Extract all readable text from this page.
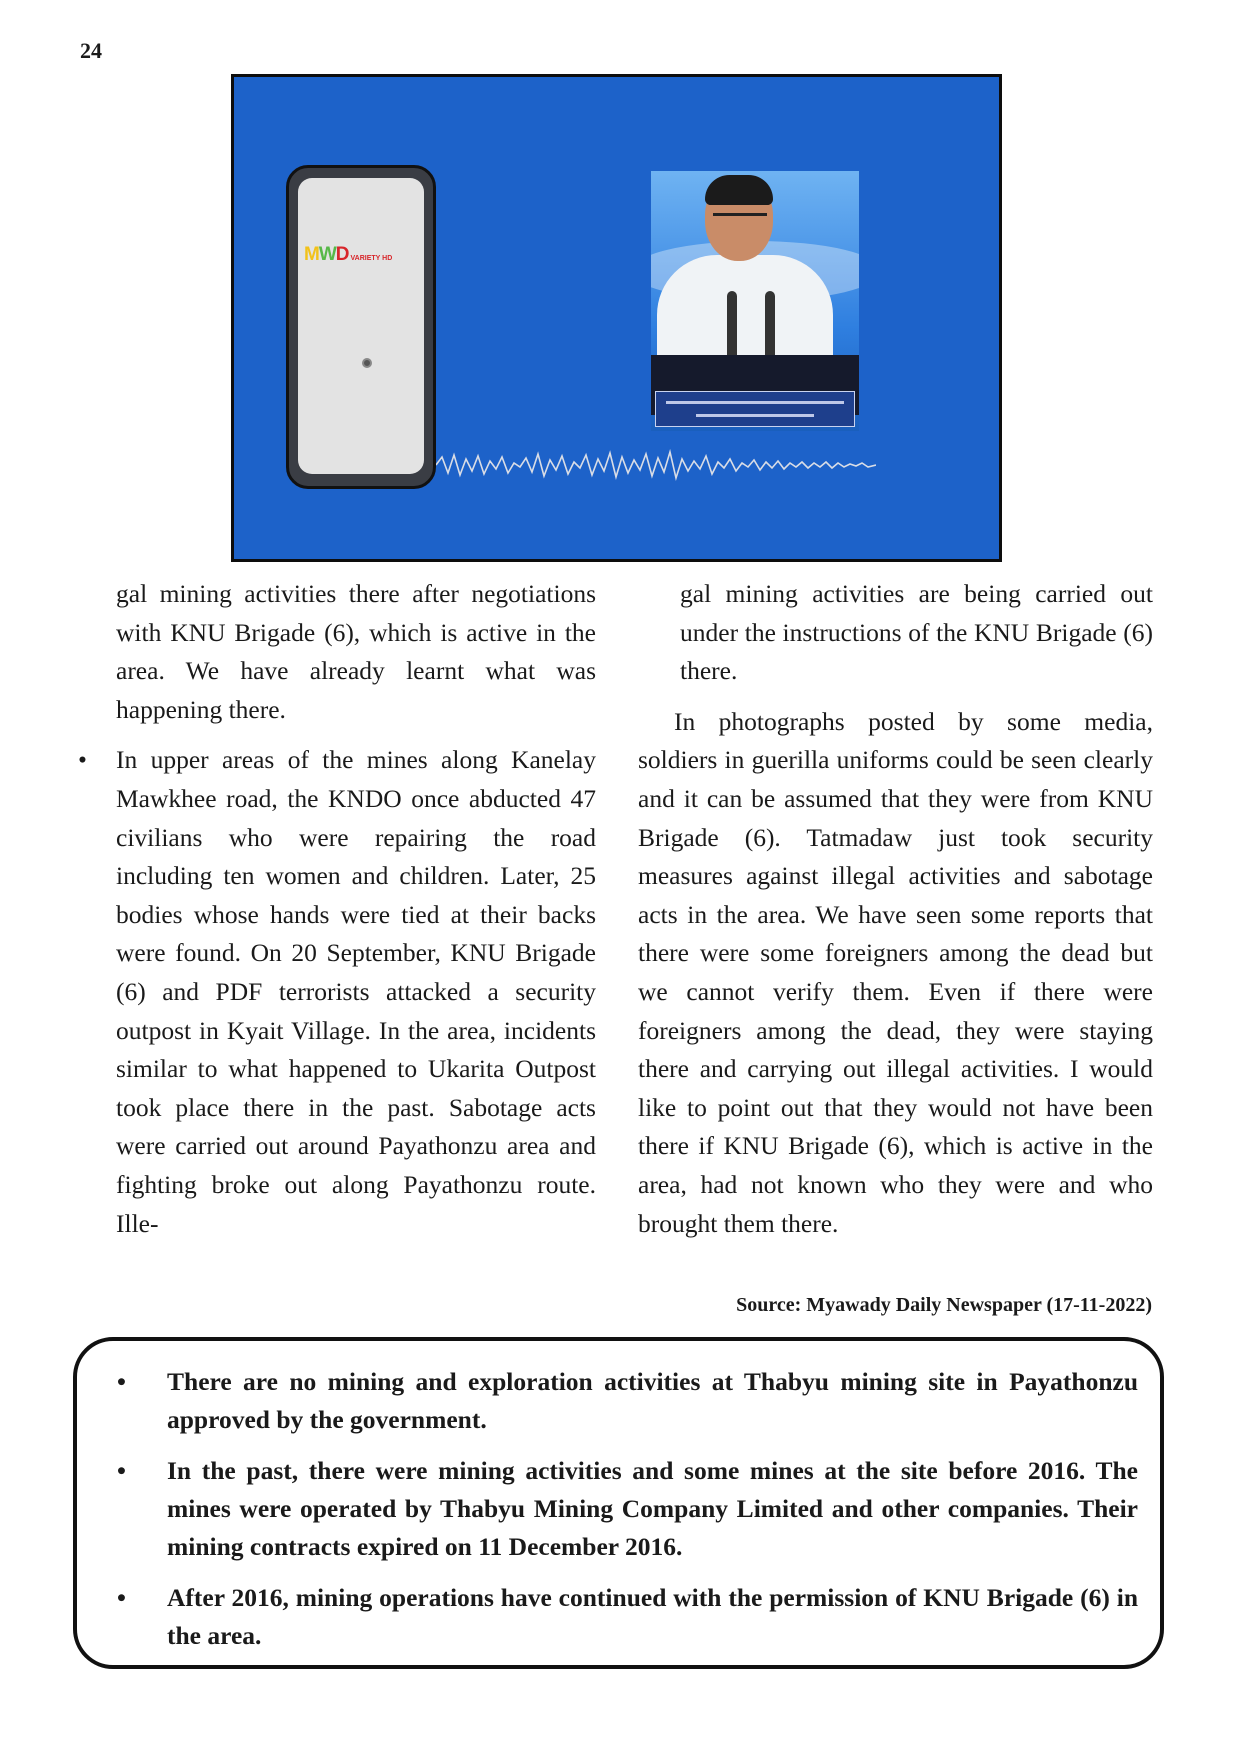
24
MWD VARIETY HD

gal mining activities there after negotiations with KNU Brigade (6), which is active in the area. We have already learnt what was happening there.

• In upper areas of the mines along Kanelay Mawkhee road, the KNDO once abducted 47 civilians who were repairing the road including ten women and children. Later, 25 bodies whose hands were tied at their backs were found. On 20 September, KNU Brigade (6) and PDF terrorists attacked a security outpost in Kyait Village. In the area, incidents similar to what happened to Ukarita Outpost took place there in the past. Sabotage acts were carried out around Payathonzu area and fighting broke out along Payathonzu route. Ille-

gal mining activities are being carried out under the instructions of the KNU Brigade (6) there.

In photographs posted by some media, soldiers in guerilla uniforms could be seen clearly and it can be assumed that they were from KNU Brigade (6). Tatmadaw just took security measures against illegal activities and sabotage acts in the area. We have seen some reports that there were some foreigners among the dead but we cannot verify them. Even if there were foreigners among the dead, they were staying there and carrying out illegal activities. I would like to point out that they would not have been there if KNU Brigade (6), which is active in the area, had not known who they were and who brought them there.

Source: Myawady Daily Newspaper (17-11-2022)
• There are no mining and exploration activities at Thabyu mining site in Payathonzu approved by the government.
• In the past, there were mining activities and some mines at the site before 2016. The mines were operated by Thabyu Mining Company Limited and other companies. Their mining contracts expired on 11 December 2016.
• After 2016, mining operations have continued with the permission of KNU Brigade (6) in the area.
